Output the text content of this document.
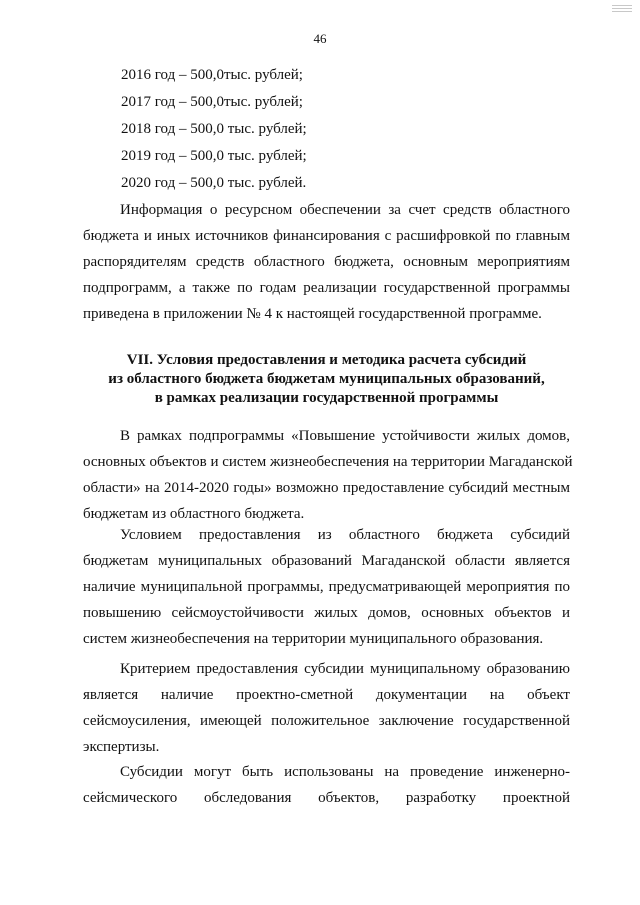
46
2016 год – 500,0тыс. рублей;
2017 год – 500,0тыс. рублей;
2018 год – 500,0 тыс. рублей;
2019 год – 500,0 тыс. рублей;
2020 год – 500,0 тыс. рублей.

Информация о ресурсном обеспечении за счет средств областного
бюджета и иных источников финансирования с расшифровкой по главным
распорядителям средств областного бюджета, основным мероприятиям
подпрограмм, а также по годам реализации государственной программы
приведена в приложении № 4 к настоящей государственной программе.

VII. Условия предоставления и методика расчета субсидий
из областного бюджета бюджетам муниципальных образований,
в рамках реализации государственной программы

В рамках подпрограммы «Повышение устойчивости жилых домов,
основных объектов и систем жизнеобеспечения на территории Магаданской
области» на 2014-2020 годы» возможно предоставление субсидий местным
бюджетам из областного бюджета.

Условием предоставления из областного бюджета субсидий
бюджетам муниципальных образований Магаданской области является
наличие муниципальной программы, предусматривающей мероприятия по
повышению сейсмоустойчивости жилых домов, основных объектов и
систем жизнеобеспечения на территории муниципального образования.

Критерием предоставления субсидии муниципальному образованию
является наличие проектно-сметной документации на объект
сейсмоусиления, имеющей положительное заключение государственной
экспертизы.

Субсидии могут быть использованы на проведение инженерно-
сейсмического обследования объектов, разработку проектной
